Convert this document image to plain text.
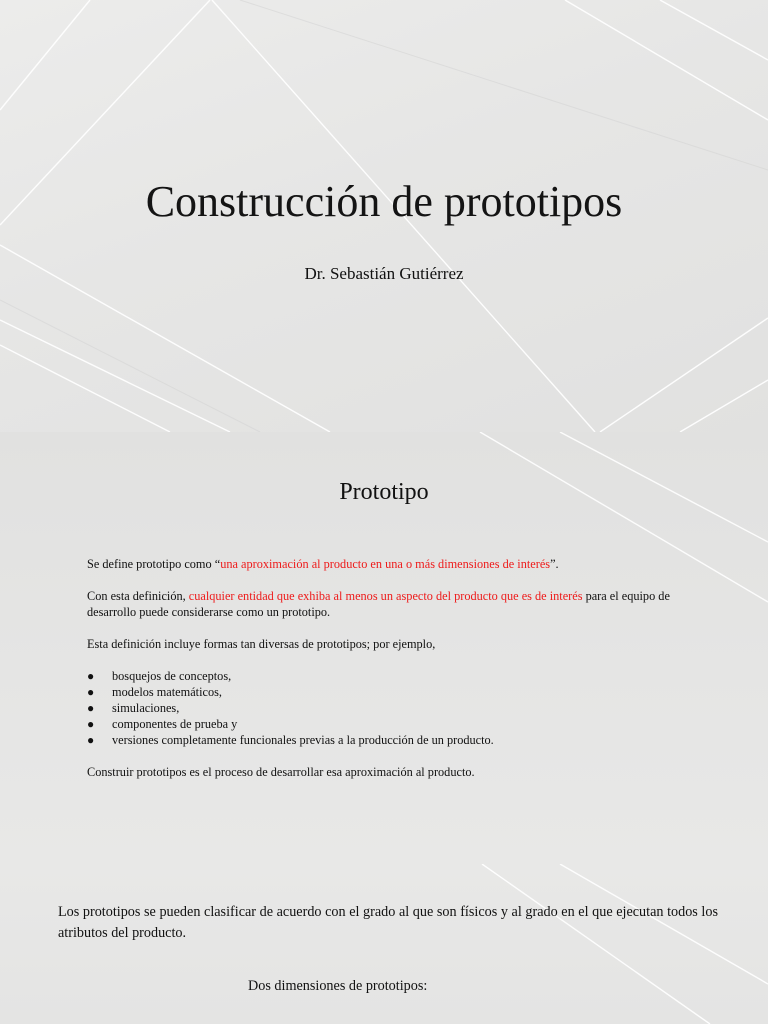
Construcción de prototipos
Dr. Sebastián Gutiérrez
Prototipo

Se define prototipo como “una aproximación al producto en una o más dimensiones de interés”.

Con esta definición, cualquier entidad que exhiba al menos un aspecto del producto que es de interés para el equipo de desarrollo puede considerarse como un prototipo.

Esta definición incluye formas tan diversas de prototipos; por ejemplo,

● bosquejos de conceptos,
● modelos matemáticos,
● simulaciones,
● componentes de prueba y
● versiones completamente funcionales previas a la producción de un producto.

Construir prototipos es el proceso de desarrollar esa aproximación al producto.

Los prototipos se pueden clasificar de acuerdo con el grado al que son físicos y al grado en el que ejecutan todos los atributos del producto.
Dos dimensiones de prototipos:
